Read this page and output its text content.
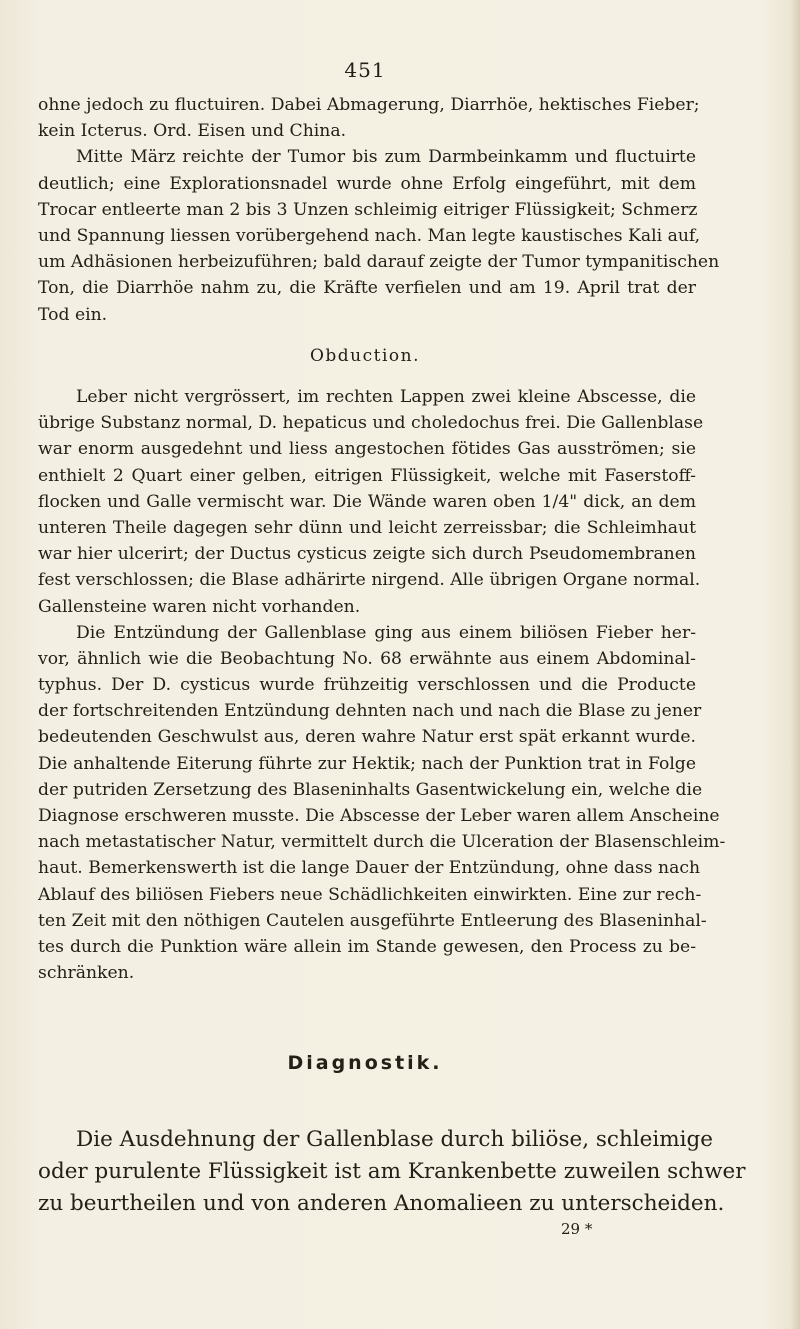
451
ohne jedoch zu fluctuiren. Dabei Abmagerung, Diarrhöe, hektisches Fieber;
kein Icterus. Ord. Eisen und China.
Mitte März reichte der Tumor bis zum Darmbeinkamm und fluctuirte
deutlich; eine Explorationsnadel wurde ohne Erfolg eingeführt, mit dem
Trocar entleerte man 2 bis 3 Unzen schleimig eitriger Flüssigkeit; Schmerz
und Spannung liessen vorübergehend nach. Man legte kaustisches Kali auf,
um Adhäsionen herbeizuführen; bald darauf zeigte der Tumor tympanitischen
Ton, die Diarrhöe nahm zu, die Kräfte verfielen und am 19. April trat der
Tod ein.
Obduction.
Leber nicht vergrössert, im rechten Lappen zwei kleine Abscesse, die
übrige Substanz normal, D. hepaticus und choledochus frei. Die Gallenblase
war enorm ausgedehnt und liess angestochen fötides Gas ausströmen; sie
enthielt 2 Quart einer gelben, eitrigen Flüssigkeit, welche mit Faserstoff-
flocken und Galle vermischt war. Die Wände waren oben 1/4" dick, an dem
unteren Theile dagegen sehr dünn und leicht zerreissbar; die Schleimhaut
war hier ulcerirt; der Ductus cysticus zeigte sich durch Pseudomembranen
fest verschlossen; die Blase adhärirte nirgend. Alle übrigen Organe normal.
Gallensteine waren nicht vorhanden.
Die Entzündung der Gallenblase ging aus einem biliösen Fieber her-
vor, ähnlich wie die Beobachtung No. 68 erwähnte aus einem Abdominal-
typhus. Der D. cysticus wurde frühzeitig verschlossen und die Producte
der fortschreitenden Entzündung dehnten nach und nach die Blase zu jener
bedeutenden Geschwulst aus, deren wahre Natur erst spät erkannt wurde.
Die anhaltende Eiterung führte zur Hektik; nach der Punktion trat in Folge
der putriden Zersetzung des Blaseninhalts Gasentwickelung ein, welche die
Diagnose erschweren musste. Die Abscesse der Leber waren allem Anscheine
nach metastatischer Natur, vermittelt durch die Ulceration der Blasenschleim-
haut. Bemerkenswerth ist die lange Dauer der Entzündung, ohne dass nach
Ablauf des biliösen Fiebers neue Schädlichkeiten einwirkten. Eine zur rech-
ten Zeit mit den nöthigen Cautelen ausgeführte Entleerung des Blaseninhal-
tes durch die Punktion wäre allein im Stande gewesen, den Process zu be-
schränken.
Diagnostik.
Die Ausdehnung der Gallenblase durch biliöse, schleimige
oder purulente Flüssigkeit ist am Krankenbette zuweilen schwer
zu beurtheilen und von anderen Anomalieen zu unterscheiden.
29 *
